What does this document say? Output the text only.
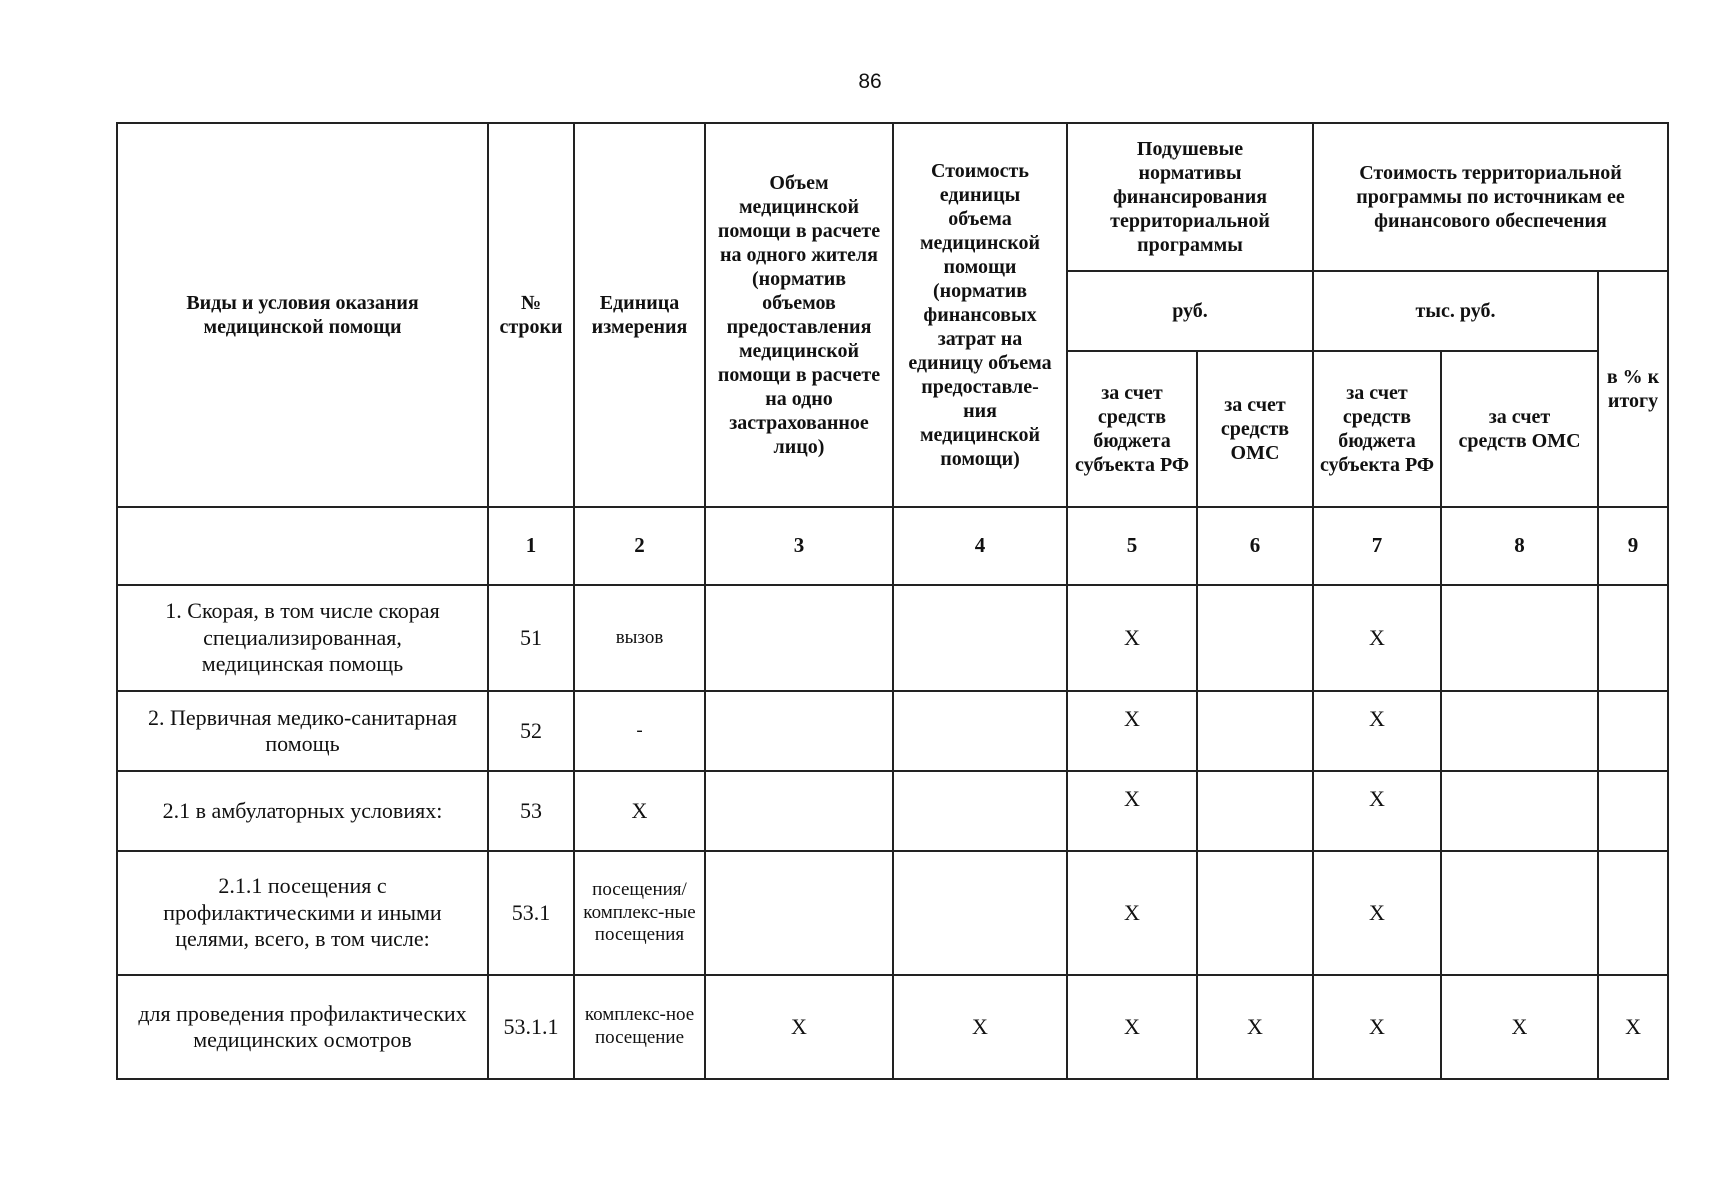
86
Виды и условия оказания медицинской помощи	№ строки	Единица измерения	Объем медицинской помощи в расчете на одного жителя (норматив объемов предоставления медицинской помощи в расчете на одно застрахованное лицо)	Стоимость единицы объема медицинской помощи (норматив финансовых затрат на единицу объема предоставле-ния медицинской помощи)	Подушевые нормативы финансирования территориальной программы		Стоимость территориальной программы по источникам ее финансового обеспечения		
					руб.		тыс. руб.		в % к итогу
					за счет средств бюджета субъекта РФ	за счет средств ОМС	за счет средств бюджета субъекта РФ	за счет средств ОМС	
	1	2	3	4	5	6	7	8	9
1. Скорая, в том числе скорая специализированная, медицинская помощь	51	вызов			X		X		
2. Первичная медико-санитарная помощь	52	-			X		X		
2.1 в амбулаторных условиях:	53	X			X		X		
2.1.1 посещения с профилактическими и иными целями, всего, в том числе:	53.1	посещения/ комплекс-ные посещения			X		X		
для проведения профилактических медицинских осмотров	53.1.1	комплекс-ное посещение	X	X	X	X	X	X	X
